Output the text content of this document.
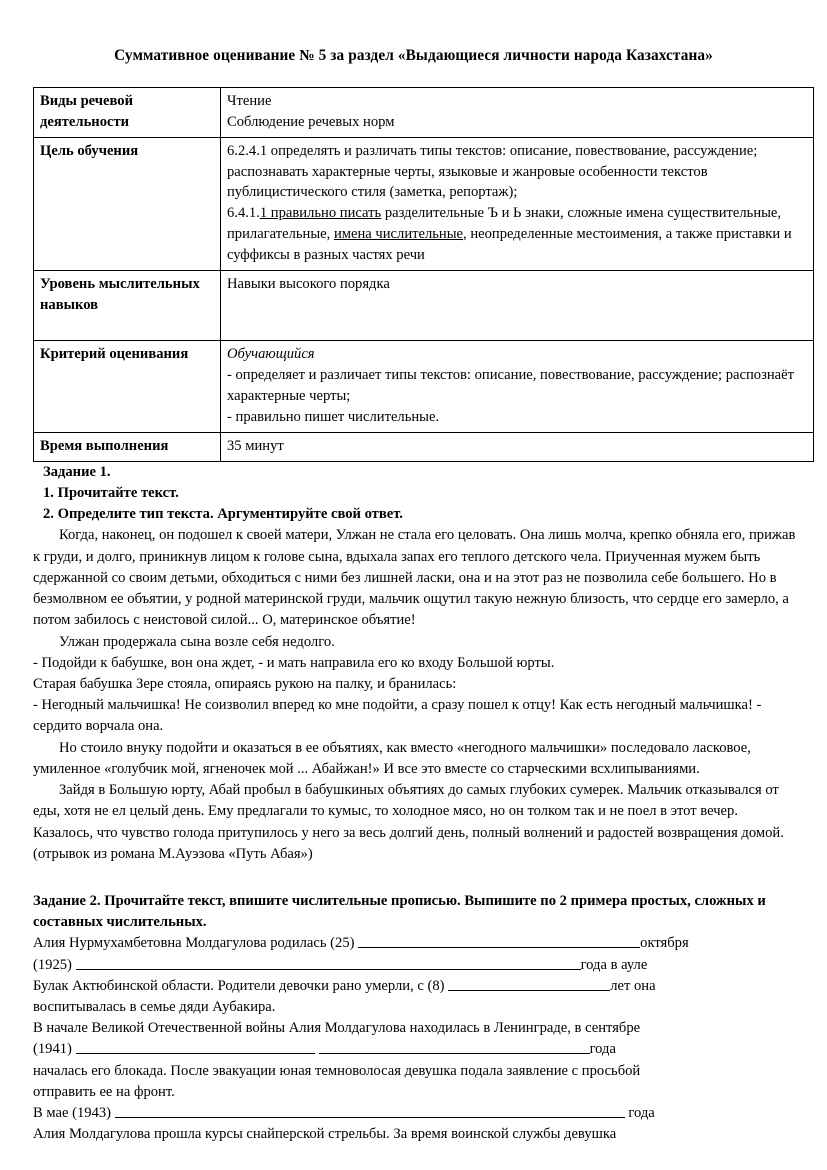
Суммативное оценивание № 5 за раздел «Выдающиеся личности народа Казахстана»
Виды речевой деятельности	Чтение
Соблюдение речевых норм

Цель обучения	6.2.4.1 определять и различать типы текстов: описание, повествование, рассуждение; распознавать характерные черты, языковые и жанровые особенности текстов публицистического стиля (заметка, репортаж);
6.4.1.1 правильно писать разделительные Ъ и Ь знаки, сложные имена существительные, прилагательные, имена числительные, неопределенные местоимения, а также приставки и суффиксы в разных частях речи

Уровень мыслительных навыков	Навыки высокого порядка

Критерий оценивания	Обучающийся
- определяет и различает типы текстов: описание, повествование, рассуждение; распознаёт характерные черты;
- правильно пишет числительные.

Время выполнения	35 минут
Задание 1.
1. Прочитайте текст.
2. Определите тип текста. Аргументируйте свой ответ.
Когда, наконец, он подошел к своей матери, Улжан не стала его целовать. Она лишь молча, крепко обняла его, прижав к груди, и долго, приникнув лицом к голове сына, вдыхала запах его теплого детского чела. Приученная мужем быть сдержанной со своим детьми, обходиться с ними без лишней ласки, она и на этот раз не позволила себе большего. Но в безмолвном ее объятии, у родной материнской груди, мальчик ощутил такую нежную близость, что сердце его замерло, а потом забилось с неистовой силой... О, материнское объятие!
Улжан продержала сына возле себя недолго.
- Подойди к бабушке, вон она ждет, - и мать направила его ко входу Большой юрты.
Старая бабушка Зере стояла, опираясь рукою на палку, и бранилась:
- Негодный мальчишка! Не соизволил вперед ко мне подойти, а сразу пошел к отцу! Как есть негодный мальчишка! - сердито ворчала она.
Но стоило внуку подойти и оказаться в ее объятиях, как вместо «негодного мальчишки» последовало ласковое, умиленное «голубчик мой, ягненочек мой ... Абайжан!» И все это вместе со старческими всхлипываниями.
Зайдя в Большую юрту, Абай пробыл в бабушкиных объятиях до самых глубоких сумерек. Мальчик отказывался от еды, хотя не ел целый день. Ему предлагали то кумыс, то холодное мясо, но он толком так и не поел в этот вечер. Казалось, что чувство голода притупилось у него за весь долгий день, полный волнений и радостей возвращения домой.
(отрывок из романа М.Ауэзова «Путь Абая»)
Задание 2. Прочитайте текст, впишите числительные прописью. Выпишите по 2 примера простых, сложных и составных числительных.
Алия Нурмухамбетовна Молдагулова родилась (25)	октября
(1925)	года в ауле
Булак Актюбинской области. Родители девочки рано умерли, с (8)	лет она
воспитывалась в семье дяди Аубакира.
В начале Великой Отечественной войны Алия Молдагулова находилась в Ленинграде, в сентябре
(1941)	года
началась его блокада. После эвакуации юная темноволосая девушка подала заявление с просьбой
отправить ее на фронт.
В мае (1943)	года
Алия Молдагулова прошла курсы снайперской стрельбы. За время воинской службы девушка
